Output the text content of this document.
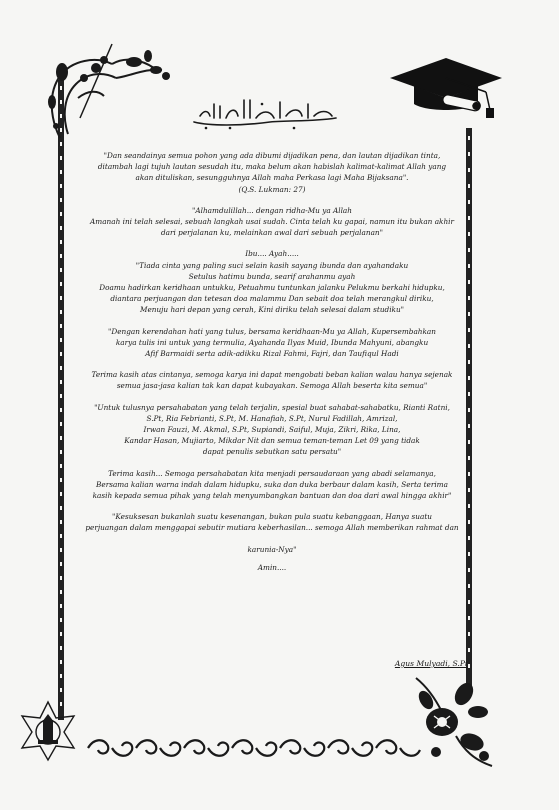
"Dan seandainya semua pohon yang ada dibumi dijadikan pena, dan lautan dijadikan tinta,

ditambah lagi tujuh lautan sesudah itu, maka belum akan habislah kalimat-kalimat Allah yang

akan dituliskan, sesungguhnya Allah maha Perkasa lagi Maha Bijaksana".

(Q.S. Lukman: 27)

"Alhamdulillah... dengan ridha-Mu ya Allah

Amanah ini telah selesai, sebuah langkah usai sudah. Cinta telah ku gapai, namun itu bukan akhir

dari perjalanan ku, melainkan awal dari sebuah perjalanan"

Ibu.... Ayah.....

"Tiada cinta yang paling suci selain kasih sayang ibunda dan ayahandaku

Setulus hatimu bunda, searif arahanmu ayah

Doamu hadirkan keridhaan untukku, Petuahmu tuntunkan jalanku Pelukmu berkahi hidupku,

diantara perjuangan dan tetesan doa malammu Dan sebait doa telah merangkul diriku,

Menuju hari depan yang cerah, Kini diriku telah selesai dalam studiku"

"Dengan kerendahan hati yang tulus, bersama keridhaan-Mu ya Allah, Kupersembahkan

karya tulis ini untuk yang termulia, Ayahanda Ilyas Muid, Ibunda Mahyuni, abangku

Afif Barmaidi serta adik-adikku Rizal Fahmi, Fajri, dan Taufiqul Hadi

Terima kasih atas cintanya, semoga karya ini dapat mengobati beban kalian walau hanya sejenak

semua jasa-jasa kalian tak kan dapat kubayakan. Semoga Allah beserta kita semua"

"Untuk tulusnya persahabatan yang telah terjalin, spesial buat sahabat-sahabatku, Rianti Ratni,

S.Pt, Ria Febrianti, S.Pt, M. Hanafiah, S.Pt, Nurul Fadillah, Amrizal,

Irwan Fauzi, M. Akmal, S.Pt, Supiandi, Saiful, Muja, Zikri, Rika, Lina,

Kandar Hasan, Mujiarto, Mikdar Nit dan semua teman-teman Let 09 yang tidak

dapat penulis sebutkan satu persatu"

Terima kasih... Semoga persahabatan kita menjadi persaudaraan yang abadi selamanya,

Bersama kalian warna indah dalam hidupku, suka dan duka berbaur dalam kasih, Serta terima

kasih kepada semua pihak yang telah menyumbangkan bantuan dan doa dari awal hingga akhir"

"Kesuksesan bukanlah suatu kesenangan, bukan pula suatu kebanggaan, Hanya suatu

perjuangan dalam menggapai sebutir mutiara keberhasilan... semoga Allah memberikan rahmat dan

karunia-Nya"

Amin....

Agus Mulyadi, S.Pt
